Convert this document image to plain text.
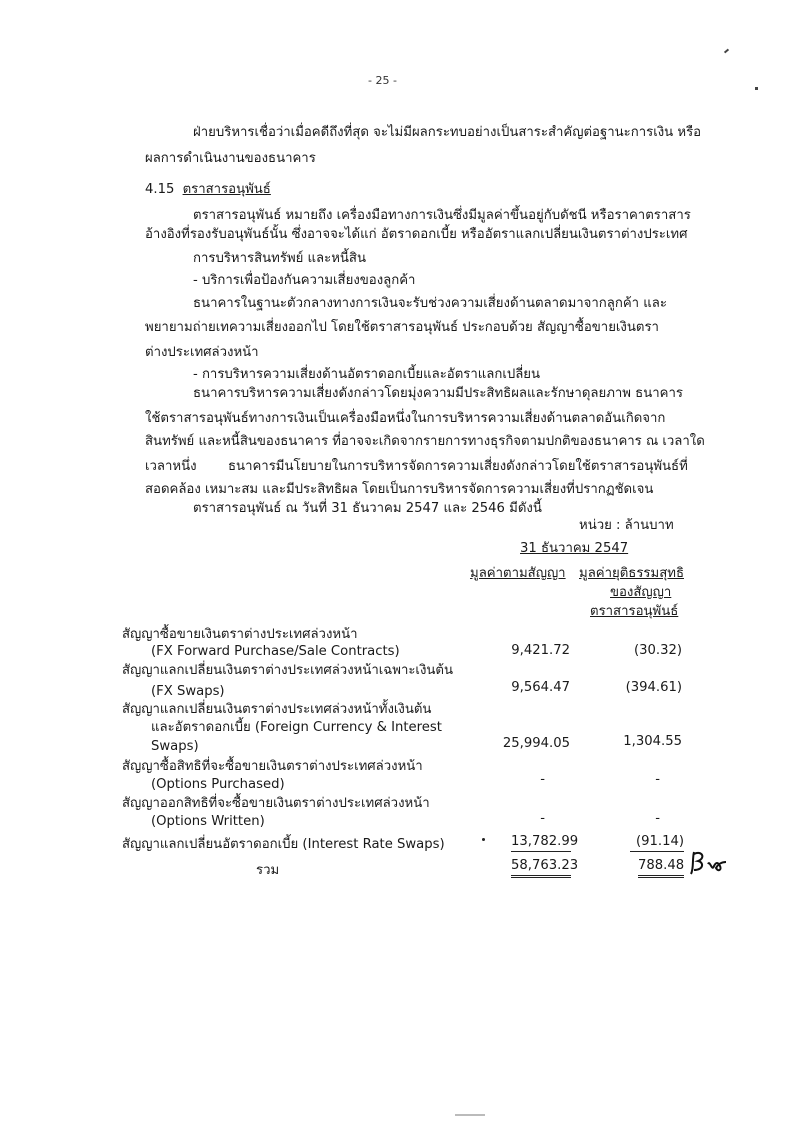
- 25 -
ฝ่ายบริหารเชื่อว่าเมื่อคดีถึงที่สุด จะไม่มีผลกระทบอย่างเป็นสาระสำคัญต่อฐานะการเงิน หรือ
ผลการดำเนินงานของธนาคาร
4.15 ตราสารอนุพันธ์
ตราสารอนุพันธ์ หมายถึง เครื่องมือทางการเงินซึ่งมีมูลค่าขึ้นอยู่กับดัชนี หรือราคาตราสาร
อ้างอิงที่รองรับอนุพันธ์นั้น ซึ่งอาจจะได้แก่ อัตราดอกเบี้ย หรืออัตราแลกเปลี่ยนเงินตราต่างประเทศ
การบริหารสินทรัพย์ และหนี้สิน
- บริการเพื่อป้องกันความเสี่ยงของลูกค้า
ธนาคารในฐานะตัวกลางทางการเงินจะรับช่วงความเสี่ยงด้านตลาดมาจากลูกค้า และ
พยายามถ่ายเทความเสี่ยงออกไป โดยใช้ตราสารอนุพันธ์ ประกอบด้วย สัญญาซื้อขายเงินตรา
ต่างประเทศล่วงหน้า
- การบริหารความเสี่ยงด้านอัตราดอกเบี้ยและอัตราแลกเปลี่ยน
ธนาคารบริหารความเสี่ยงดังกล่าวโดยมุ่งความมีประสิทธิผลและรักษาดุลยภาพ ธนาคาร
ใช้ตราสารอนุพันธ์ทางการเงินเป็นเครื่องมือหนึ่งในการบริหารความเสี่ยงด้านตลาดอันเกิดจาก
สินทรัพย์ และหนี้สินของธนาคาร ที่อาจจะเกิดจากรายการทางธุรกิจตามปกติของธนาคาร ณ เวลาใด
เวลาหนึ่ง ธนาคารมีนโยบายในการบริหารจัดการความเสี่ยงดังกล่าวโดยใช้ตราสารอนุพันธ์ที่
สอดคล้อง เหมาะสม และมีประสิทธิผล โดยเป็นการบริหารจัดการความเสี่ยงที่ปรากฏชัดเจน
ตราสารอนุพันธ์ ณ วันที่ 31 ธันวาคม 2547 และ 2546 มีดังนี้
หน่วย : ล้านบาท
31 ธันวาคม 2547
มูลค่าตามสัญญา มูลค่ายุติธรรมสุทธิ
ของสัญญา
ตราสารอนุพันธ์
สัญญาซื้อขายเงินตราต่างประเทศล่วงหน้า
(FX Forward Purchase/Sale Contracts)	9,421.72	(30.32)
สัญญาแลกเปลี่ยนเงินตราต่างประเทศล่วงหน้าเฉพาะเงินต้น
(FX Swaps)	9,564.47	(394.61)
สัญญาแลกเปลี่ยนเงินตราต่างประเทศล่วงหน้าทั้งเงินต้น
และอัตราดอกเบี้ย (Foreign Currency & Interest
Swaps)	25,994.05	1,304.55
สัญญาซื้อสิทธิที่จะซื้อขายเงินตราต่างประเทศล่วงหน้า
(Options Purchased)	-	-
สัญญาออกสิทธิที่จะซื้อขายเงินตราต่างประเทศล่วงหน้า
(Options Written)	-	-
สัญญาแลกเปลี่ยนอัตราดอกเบี้ย (Interest Rate Swaps)	13,782.99	(91.14)
รวม	58,763.23	788.48
